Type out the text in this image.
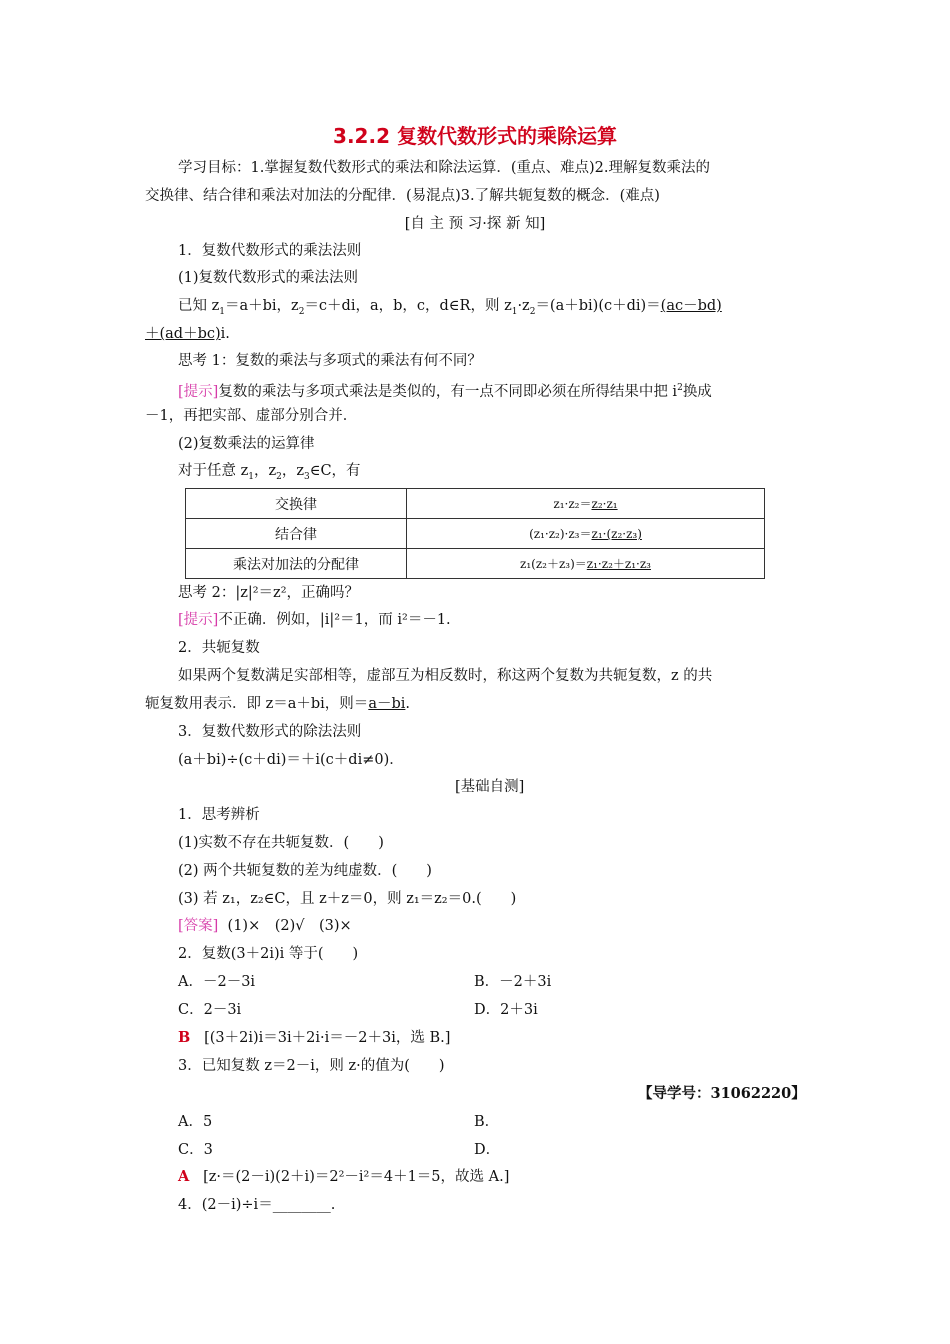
3.2.2 复数代数形式的乘除运算
学习目标：1.掌握复数代数形式的乘法和除法运算．(重点、难点)2.理解复数乘法的
交换律、结合律和乘法对加法的分配律．(易混点)3.了解共轭复数的概念．(难点)
[自 主 预 习·探 新 知]
1．复数代数形式的乘法法则
(1)复数代数形式的乘法法则
已知 $z_1=a+bi$，$z_2=c+di$，a，b，c，d∈R，则 $z_1\cdot z_2=(a+bi)(c+di)=(ac-bd)$
＋(ad＋bc)i.
思考 1：复数的乘法与多项式的乘法有何不同？
[提示]复数的乘法与多项式乘法是类似的，有一点不同即必须在所得结果中把 $i^2$换成
－1，再把实部、虚部分别合并．
(2)复数乘法的运算律
对于任意 $z_1$，$z_2$，$z_3\in C$，有
交换律	z₁·z₂＝z₂·z₁
结合律	(z₁·z₂)·z₃＝z₁·(z₂·z₃)
乘法对加法的分配律	z₁(z₂＋z₃)＝z₁·z₂＋z₁·z₃
思考 2：|z|²＝z²，正确吗？
[提示]不正确．例如，|i|²＝1，而 i²＝－1.
2．共轭复数
如果两个复数满足实部相等，虚部互为相反数时，称这两个复数为共轭复数，z 的共
轭复数用表示．即 z＝a＋bi，则＝a－bi.
3．复数代数形式的除法法则
(a＋bi)÷(c＋di)＝＋i(c＋di≠0)．
[基础自测]
1．思考辨析
(1)实数不存在共轭复数．(　　)
(2) 两个共轭复数的差为纯虚数．(　　)
(3) 若 z₁，z₂∈C，且 z＋z＝0，则 z₁＝z₂＝0.(　　)
[答案] (1)×　(2)√　(3)×
2．复数(3＋2i)i 等于(　　)
A．－2－3i	B．－2＋3i
C．2－3i	D．2＋3i
B [(3＋2i)i＝3i＋2i·i＝－2＋3i，选 B.]
3．已知复数 z＝2－i，则 z·的值为(　　)
【导学号：31062220】
A．5	B．
C．3	D．
A [z·＝(2－i)(2＋i)＝2²－i²＝4＋1＝5，故选 A.]
4．(2－i)÷i＝________.
